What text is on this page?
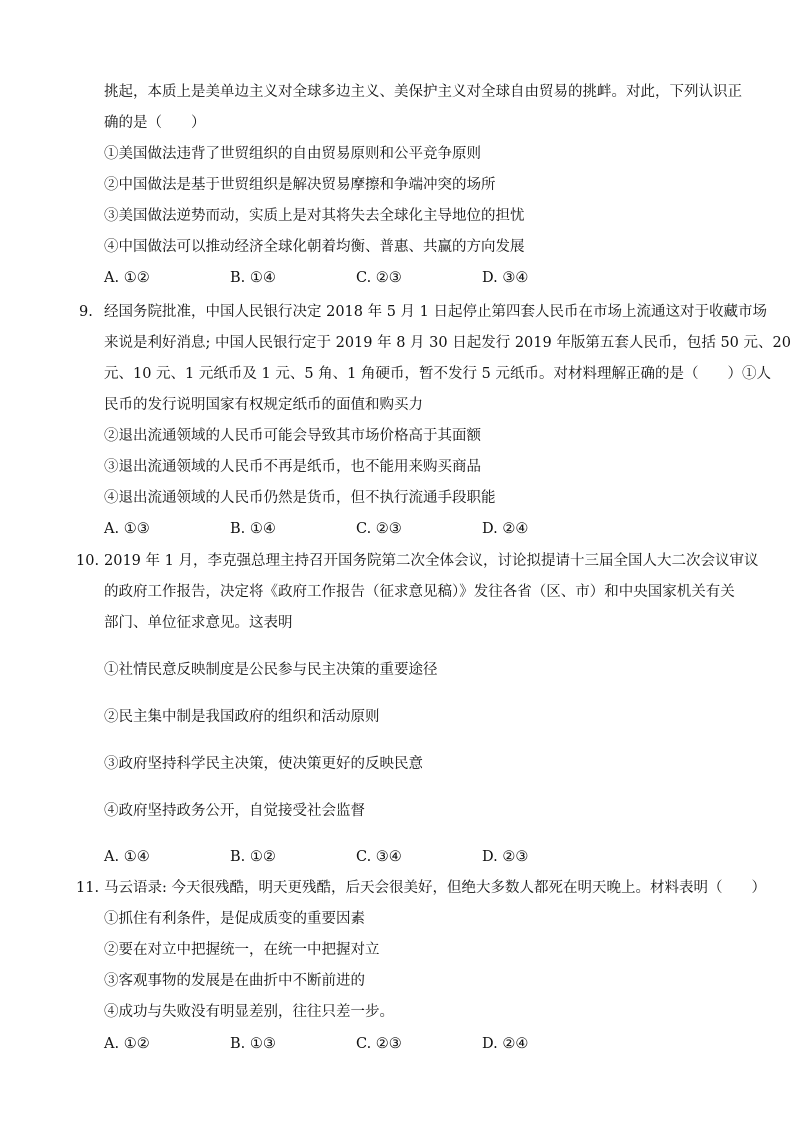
挑起，本质上是美单边主义对全球多边主义、美保护主义对全球自由贸易的挑衅。对此，下列认识正
确的是（　　）
①美国做法违背了世贸组织的自由贸易原则和公平竞争原则
②中国做法是基于世贸组织是解决贸易摩擦和争端冲突的场所
③美国做法逆势而动，实质上是对其将失去全球化主导地位的担忧
④中国做法可以推动经济全球化朝着均衡、普惠、共赢的方向发展
A. ①②	B. ①④	C. ②③	D. ③④
9. 经国务院批准，中国人民银行决定 2018 年 5 月 1 日起停止第四套人民币在市场上流通这对于收藏市场
来说是利好消息; 中国人民银行定于 2019 年 8 月 30 日起发行 2019 年版第五套人民币，包括 50 元、20
元、10 元、1 元纸币及 1 元、5 角、1 角硬币，暂不发行 5 元纸币。对材料理解正确的是（　　）①人
民币的发行说明国家有权规定纸币的面值和购买力
②退出流通领域的人民币可能会导致其市场价格高于其面额
③退出流通领域的人民币不再是纸币，也不能用来购买商品
④退出流通领域的人民币仍然是货币，但不执行流通手段职能
A. ①③	B. ①④	C. ②③	D. ②④
10. 2019 年 1 月，李克强总理主持召开国务院第二次全体会议，讨论拟提请十三届全国人大二次会议审议
的政府工作报告，决定将《政府工作报告（征求意见稿）》发往各省（区、市）和中央国家机关有关
部门、单位征求意见。这表明
①社情民意反映制度是公民参与民主决策的重要途径
②民主集中制是我国政府的组织和活动原则
③政府坚持科学民主决策，使决策更好的反映民意
④政府坚持政务公开，自觉接受社会监督
A. ①④	B. ①②	C. ③④	D. ②③
11. 马云语录: 今天很残酷，明天更残酷，后天会很美好，但绝大多数人都死在明天晚上。材料表明（　　）
①抓住有利条件，是促成质变的重要因素
②要在对立中把握统一，在统一中把握对立
③客观事物的发展是在曲折中不断前进的
④成功与失败没有明显差别，往往只差一步。
A. ①②	B. ①③	C. ②③	D. ②④
